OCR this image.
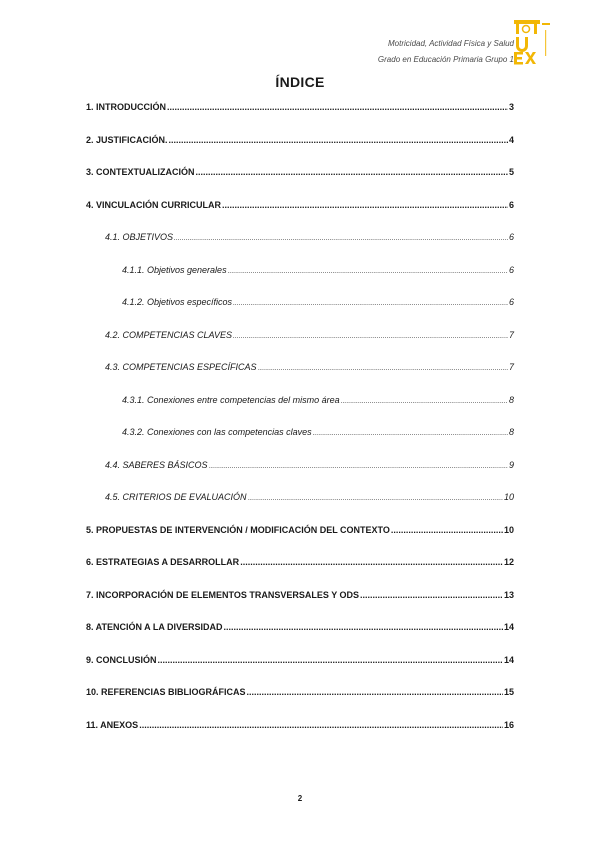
Motricidad, Actividad Física y Salud
Grado en Educación Primaria Grupo 1
ÍNDICE
1. INTRODUCCIÓN .....	3
2. JUSTIFICACIÓN. .....	4
3. CONTEXTUALIZACIÓN .....	5
4. VINCULACIÓN CURRICULAR .....	6
4.1. OBJETIVOS .....	6
4.1.1. Objetivos generales .....	6
4.1.2. Objetivos específicos .....	6
4.2. COMPETENCIAS CLAVES .....	7
4.3. COMPETENCIAS ESPECÍFICAS .....	7
4.3.1. Conexiones entre competencias del mismo área .....	8
4.3.2. Conexiones con las competencias claves .....	8
4.4. SABERES BÁSICOS .....	9
4.5. CRITERIOS DE EVALUACIÓN .....	10
5. PROPUESTAS DE INTERVENCIÓN / MODIFICACIÓN DEL CONTEXTO .....	10
6. ESTRATEGIAS A DESARROLLAR .....	12
7. INCORPORACIÓN DE ELEMENTOS TRANSVERSALES Y ODS .....	13
8. ATENCIÓN A LA DIVERSIDAD .....	14
9. CONCLUSIÓN .....	14
10. REFERENCIAS BIBLIOGRÁFICAS .....	15
11. ANEXOS .....	16
2
